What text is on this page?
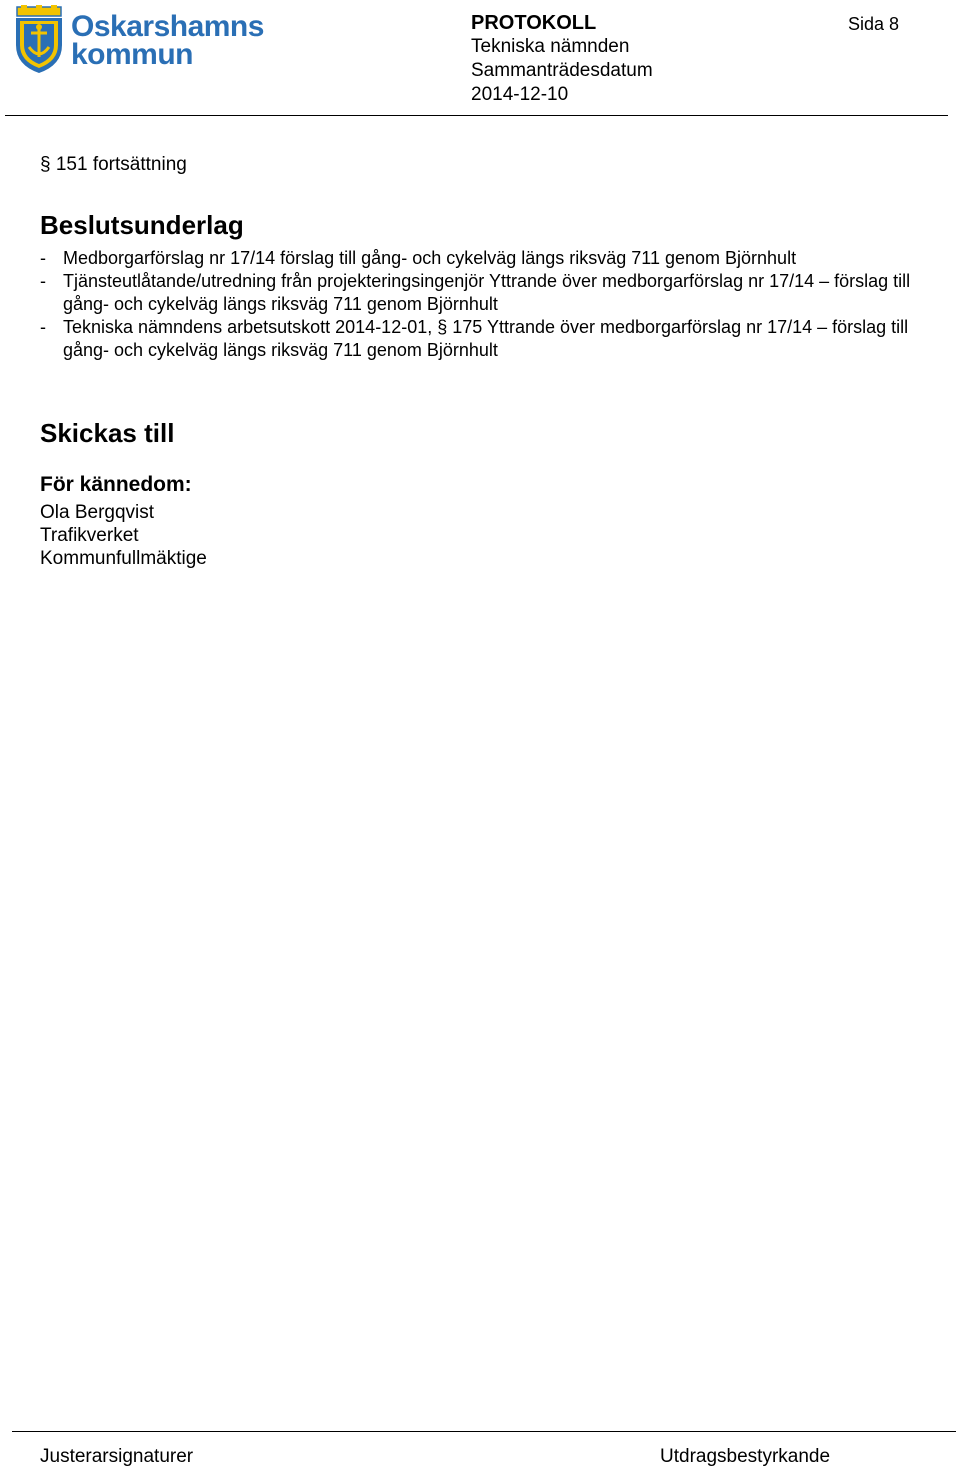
Oskarshamns
kommun
PROTOKOLL
Tekniska nämnden
Sammanträdesdatum
2014-12-10
Sida 8
§ 151 fortsättning
Beslutsunderlag
- Medborgarförslag nr 17/14 förslag till gång- och cykelväg längs riksväg 711 genom Björnhult
- Tjänsteutlåtande/utredning från projekteringsingenjör Yttrande över medborgarförslag nr 17/14 – förslag till gång- och cykelväg längs riksväg 711 genom Björnhult
- Tekniska nämndens arbetsutskott 2014-12-01, § 175 Yttrande över medborgarförslag nr 17/14 – förslag till gång- och cykelväg längs riksväg 711 genom Björnhult
Skickas till
För kännedom:
Ola Bergqvist
Trafikverket
Kommunfullmäktige
Justerarsignaturer	Utdragsbestyrkande
